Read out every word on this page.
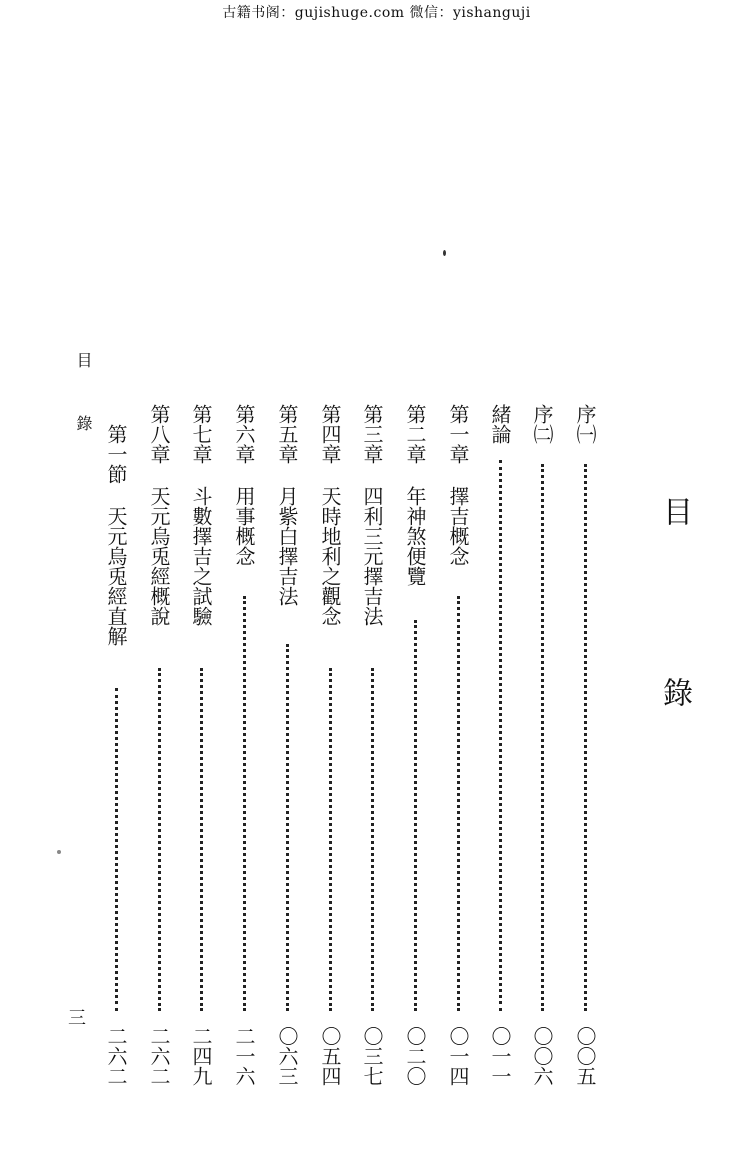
古籍书阁：gujishuge.com 微信：yishanguji
目 錄
序㈠
〇〇五
序㈡
〇〇六
緒論
〇一一
第一章擇吉概念
〇一四
第二章年神煞便覽
〇二〇
第三章四利三元擇吉法
〇三七
第四章天時地利之觀念
〇五四
第五章月紫白擇吉法
〇六三
第六章用事概念
二一六
第七章斗數擇吉之試驗
二四九
第八章天元烏兎經概說
二六二
第一節天元烏兎經直解
二六二
目 錄
三
